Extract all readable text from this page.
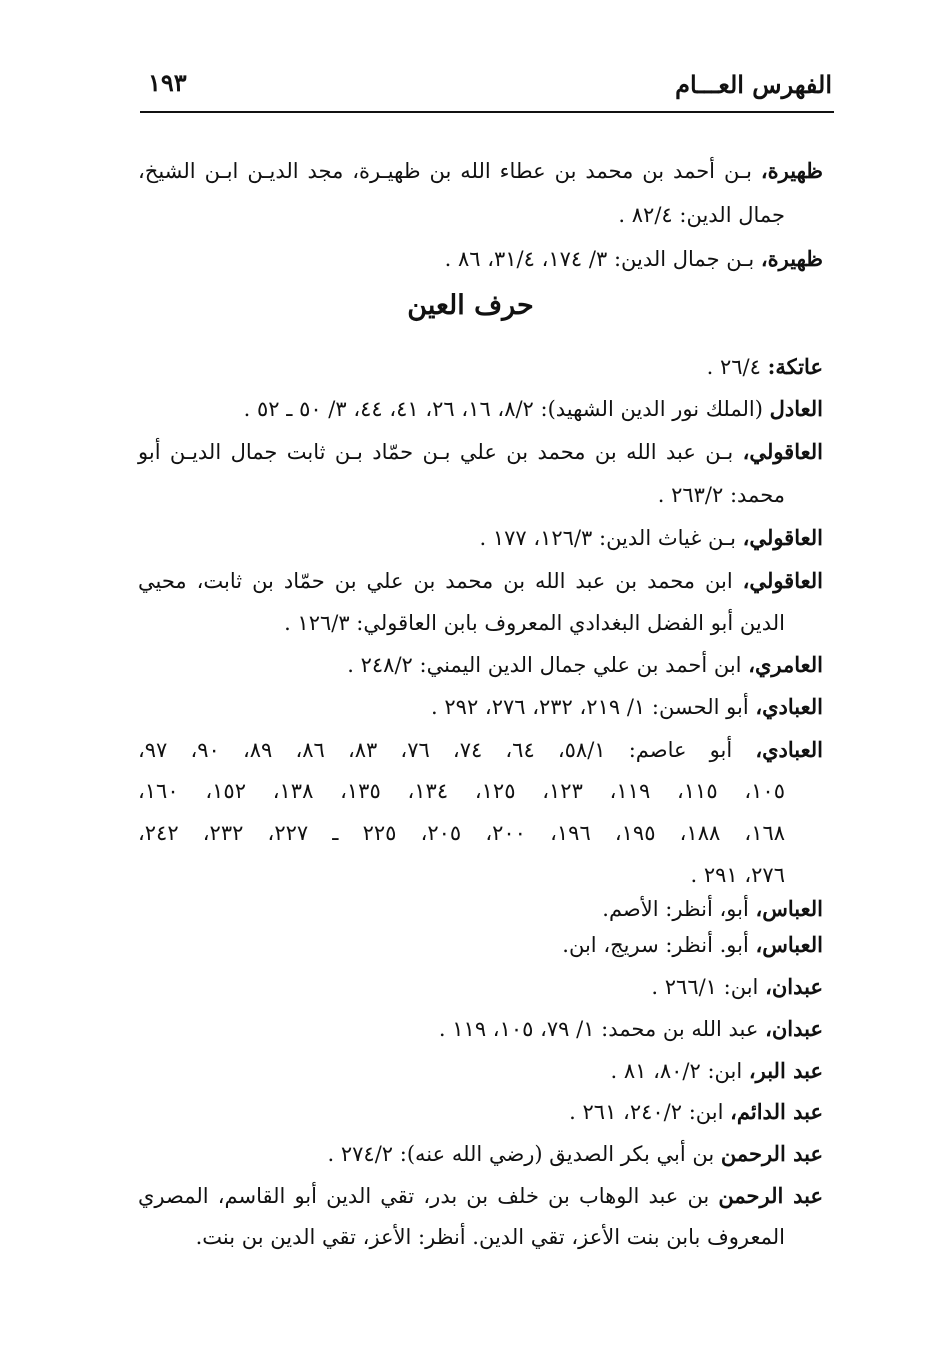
الفهرس العـــام
١٩٣
ظهيرة، بـن أحمد بن محمد بن عطاء الله بن ظهيـرة، مجد الديـن ابـن الشيخ،
جمال الدين: ٨٢/٤ .
ظهيرة، بـن جمال الدين: ٣/ ١٧٤، ٣١/٤، ٨٦ .
حرف العين
عاتكة: ٢٦/٤ .
العادل (الملك نور الدين الشهيد): ٨/٢، ١٦، ٢٦، ٤١، ٤٤، ٣/ ٥٠ ـ ٥٢ .
العاقولي، بـن عبد الله بن محمد بن علي بـن حمّاد بـن ثابت جمال الديـن أبو
محمد: ٢٦٣/٢ .
العاقولي، بـن غياث الدين: ١٢٦/٣، ١٧٧ .
العاقولي، ابن محمد بن عبد الله بن محمد بن علي بن حمّاد بن ثابت، محيي
الدين أبو الفضل البغدادي المعروف بابن العاقولي: ١٢٦/٣ .
العامري، ابن أحمد بن علي جمال الدين اليمني: ٢٤٨/٢ .
العبادي، أبو الحسن: ١/ ٢١٩، ٢٣٢، ٢٧٦، ٢٩٢ .
العبادي، أبو عاصم: ٥٨/١، ٦٤، ٧٤، ٧٦، ٨٣، ٨٦، ٨٩، ٩٠، ٩٧،
١٠٥، ١١٥، ١١٩، ١٢٣، ١٢٥، ١٣٤، ١٣٥، ١٣٨، ١٥٢، ١٦٠،
١٦٨، ١٨٨، ١٩٥، ١٩٦، ٢٠٠، ٢٠٥، ٢٢٥ ـ ٢٢٧، ٢٣٢، ٢٤٢،
٢٧٦، ٢٩١ .
العباس، أبو، أنظر: الأصم.
العباس، أبو. أنظر: سريج، ابن.
عبدان، ابن: ٢٦٦/١ .
عبدان، عبد الله بن محمد: ١/ ٧٩، ١٠٥، ١١٩ .
عبد البر، ابن: ٨٠/٢، ٨١ .
عبد الدائم، ابن: ٢٤٠/٢، ٢٦١ .
عبد الرحمن بن أبي بكر الصديق (رضي الله عنه): ٢٧٤/٢ .
عبد الرحمن بن عبد الوهاب بن خلف بن بدر، تقي الدين أبو القاسم، المصري
المعروف بابن بنت الأعز، تقي الدين. أنظر: الأعز، تقي الدين بن بنت.
